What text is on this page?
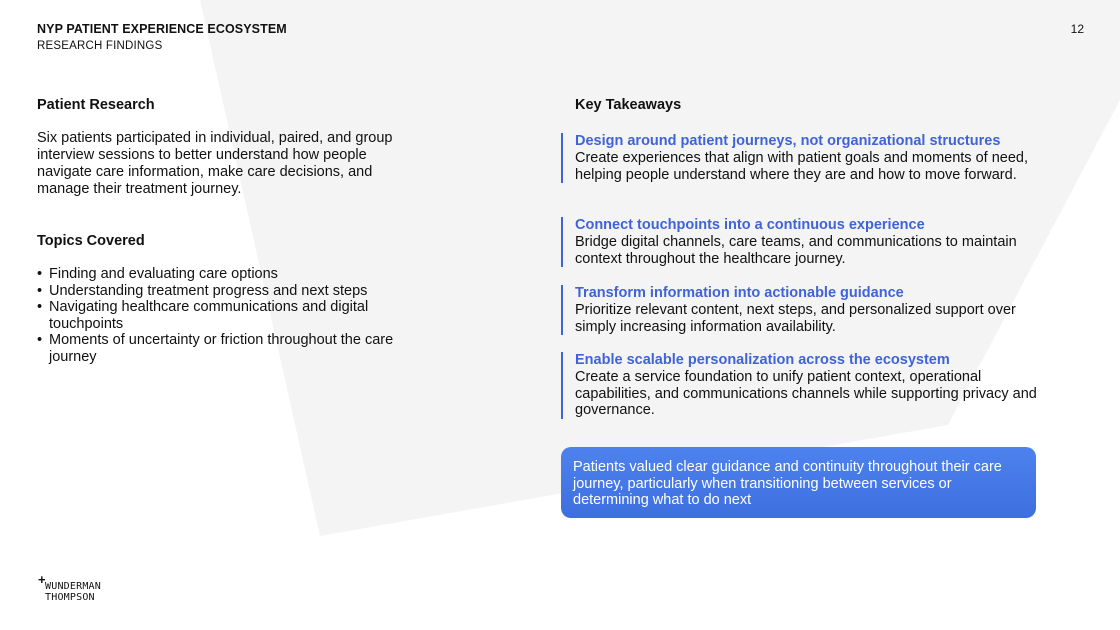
NYP PATIENT EXPERIENCE ECOSYSTEM
RESEARCH FINDINGS
12
Patient Research
Six patients participated in individual, paired, and group interview sessions to better understand how people navigate care information, make care decisions, and manage their treatment journey.
Topics Covered
• Finding and evaluating care options
• Understanding treatment progress and next steps
• Navigating healthcare communications and digital touchpoints
• Moments of uncertainty or friction throughout the care journey
Key Takeaways
Design around patient journeys, not organizational structures
Create experiences that align with patient goals and moments of need, helping people understand where they are and how to move forward.
Connect touchpoints into a continuous experience
Bridge digital channels, care teams, and communications to maintain context throughout the healthcare journey.
Transform information into actionable guidance
Prioritize relevant content, next steps, and personalized support over simply increasing information availability.
Enable scalable personalization across the ecosystem
Create a service foundation to unify patient context, operational capabilities, and communications channels while supporting privacy and governance.
Patients valued clear guidance and continuity throughout their care journey, particularly when transitioning between services or determining what to do next
+ WUNDERMAN
THOMPSON
